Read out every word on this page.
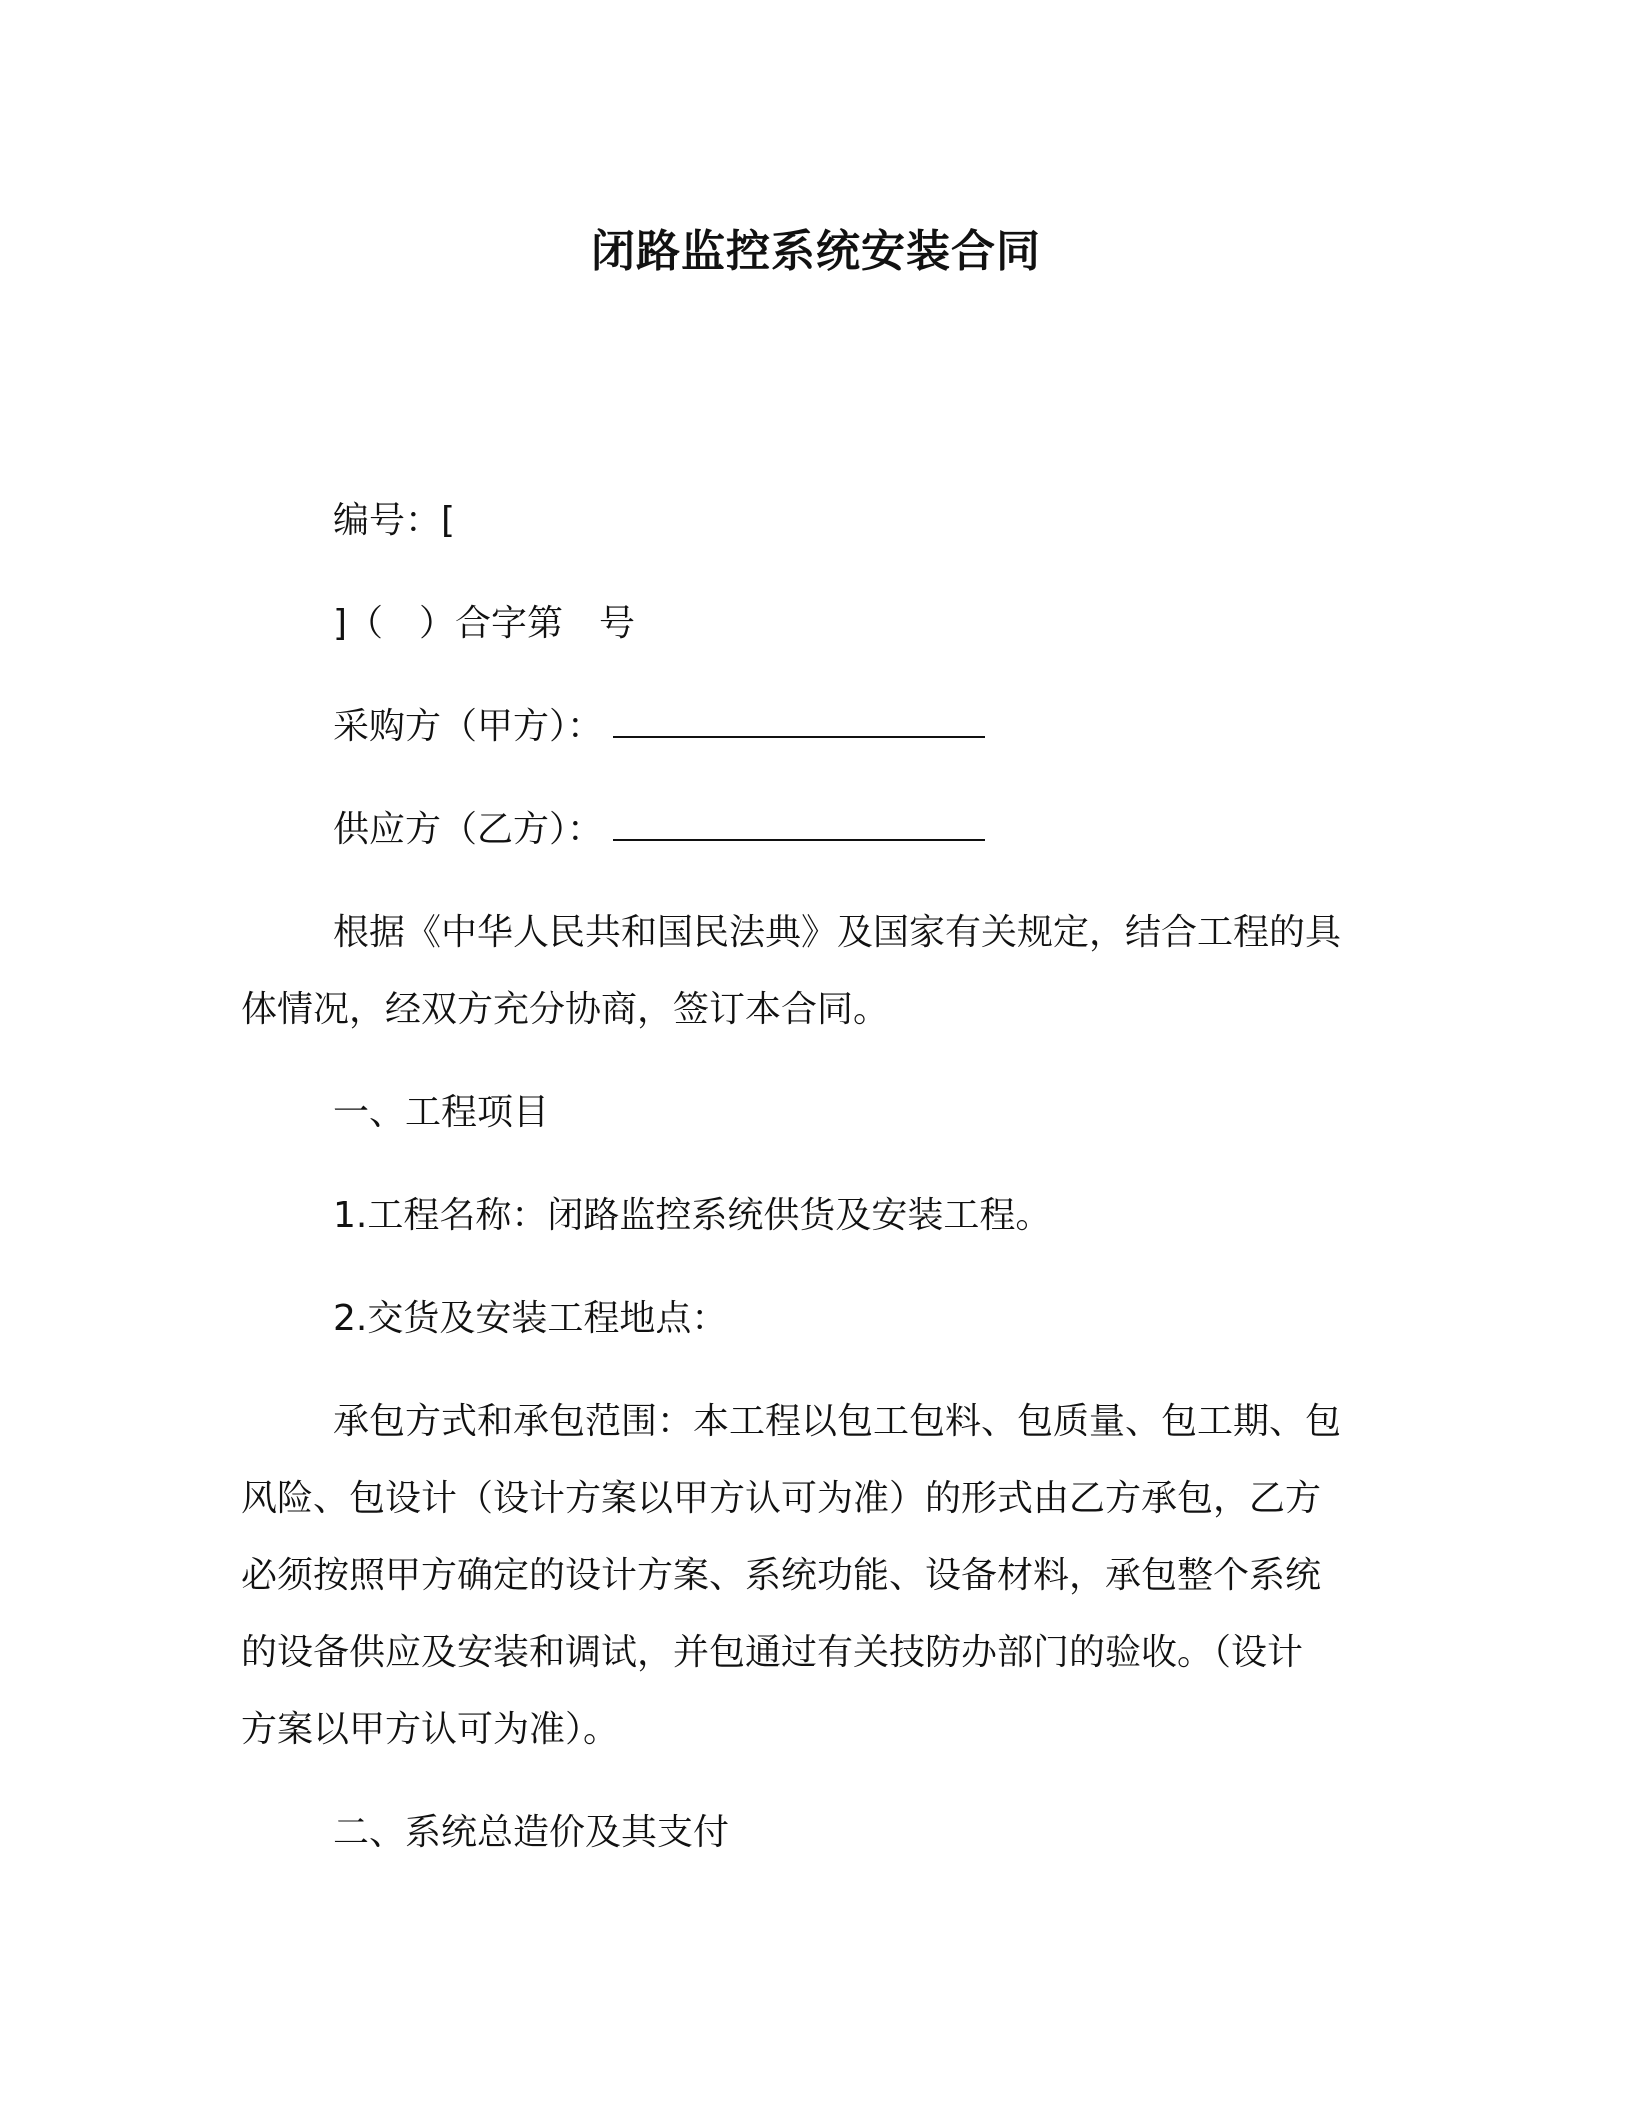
闭路监控系统安装合同
编号：[
]（　）合字第　号
采购方（甲方）：
供应方（乙方）：
根据《中华人民共和国民法典》及国家有关规定，结合工程的具
体情况，经双方充分协商，签订本合同。
一、工程项目
1.工程名称：闭路监控系统供货及安装工程。
2.交货及安装工程地点：
承包方式和承包范围：本工程以包工包料、包质量、包工期、包
风险、包设计（设计方案以甲方认可为准）的形式由乙方承包，乙方
必须按照甲方确定的设计方案、系统功能、设备材料，承包整个系统
的设备供应及安装和调试，并包通过有关技防办部门的验收。（设计
方案以甲方认可为准）。
二、系统总造价及其支付
